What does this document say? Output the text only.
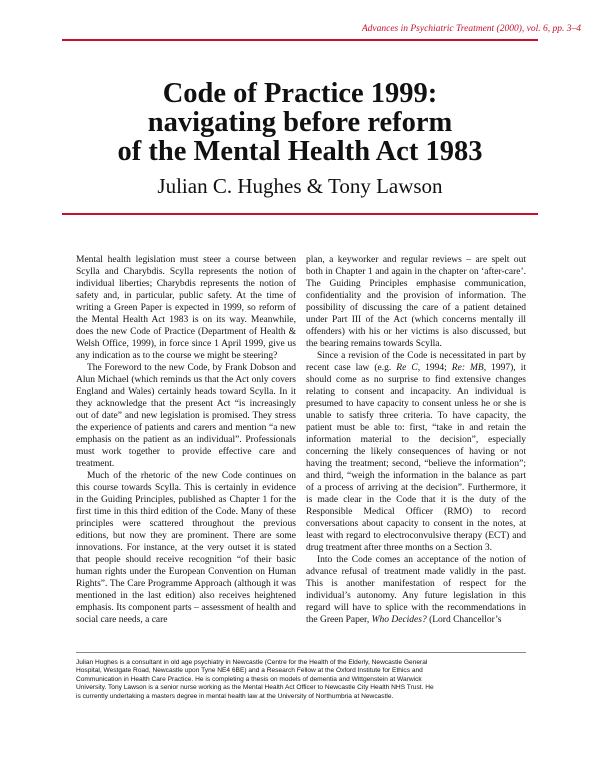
Advances in Psychiatric Treatment (2000), vol. 6, pp. 3–4
Code of Practice 1999:
navigating before reform
of the Mental Health Act 1983
Julian C. Hughes & Tony Lawson

Mental health legislation must steer a course between Scylla and Charybdis. Scylla represents the notion of individual liberties; Charybdis represents the notion of safety and, in particular, public safety. At the time of writing a Green Paper is expected in 1999, so reform of the Mental Health Act 1983 is on its way. Meanwhile, does the new Code of Practice (Department of Health & Welsh Office, 1999), in force since 1 April 1999, give us any indication as to the course we might be steering?

The Foreword to the new Code, by Frank Dobson and Alun Michael (which reminds us that the Act only covers England and Wales) certainly heads toward Scylla. In it they acknowledge that the present Act “is increasingly out of date” and new legislation is promised. They stress the experience of patients and carers and mention “a new emphasis on the patient as an individual”. Professionals must work together to provide effective care and treatment.

Much of the rhetoric of the new Code continues on this course towards Scylla. This is certainly in evidence in the Guiding Principles, published as Chapter 1 for the first time in this third edition of the Code. Many of these principles were scattered throughout the previous editions, but now they are prominent. There are some innovations. For instance, at the very outset it is stated that people should receive recognition “of their basic human rights under the European Convention on Human Rights”. The Care Programme Approach (although it was mentioned in the last edition) also receives heightened emphasis. Its component parts – assessment of health and social care needs, a care

plan, a keyworker and regular reviews – are spelt out both in Chapter 1 and again in the chapter on ‘after-care’. The Guiding Principles emphasise communication, confidentiality and the provision of information. The possibility of discussing the care of a patient detained under Part III of the Act (which concerns mentally ill offenders) with his or her victims is also discussed, but the bearing remains towards Scylla.

Since a revision of the Code is necessitated in part by recent case law (e.g. Re C, 1994; Re: MB, 1997), it should come as no surprise to find extensive changes relating to consent and incapacity. An individual is presumed to have capacity to consent unless he or she is unable to satisfy three criteria. To have capacity, the patient must be able to: first, “take in and retain the information material to the decision”, especially concerning the likely consequences of having or not having the treatment; second, “believe the information”; and third, “weigh the information in the balance as part of a process of arriving at the decision”. Furthermore, it is made clear in the Code that it is the duty of the Responsible Medical Officer (RMO) to record conversations about capacity to consent in the notes, at least with regard to electroconvulsive therapy (ECT) and drug treatment after three months on a Section 3.

Into the Code comes an acceptance of the notion of advance refusal of treatment made validly in the past. This is another manifestation of respect for the individual’s autonomy. Any future legislation in this regard will have to splice with the recommendations in the Green Paper, Who Decides? (Lord Chancellor’s

Julian Hughes is a consultant in old age psychiatry in Newcastle (Centre for the Health of the Elderly, Newcastle General
Hospital, Westgate Road, Newcastle upon Tyne NE4 6BE) and a Research Fellow at the Oxford Institute for Ethics and
Communication in Health Care Practice. He is completing a thesis on models of dementia and Wittgenstein at Warwick
University. Tony Lawson is a senior nurse working as the Mental Health Act Officer to Newcastle City Health NHS Trust. He
is currently undertaking a masters degree in mental health law at the University of Northumbria at Newcastle.
